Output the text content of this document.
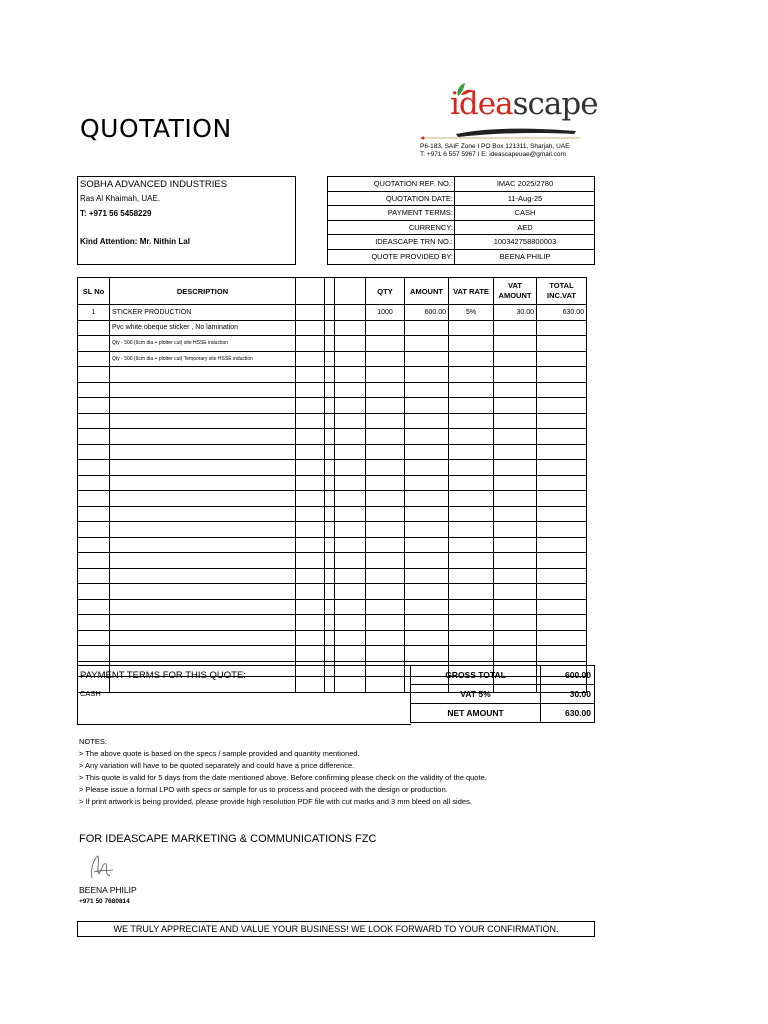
QUOTATION
ideascape
P6-183, SAIF Zone I PO Box 121311, Sharjah, UAE
T: +971 6 557 5967 I E: ideascapeuae@gmail.com
SOBHA ADVANCED INDUSTRIES
Ras Al Khaimah, UAE.
T: +971 56 5458229
Kind Attention: Mr. Nithin Lal
QUOTATION REF. NO.:	IMAC 2025/2780
QUOTATION DATE:	11-Aug-25
PAYMENT TERMS:	CASH
CURRENCY:	AED
IDEASCAPE TRN NO.:	100342758800003
QUOTE PROVIDED BY:	BEENA PHILIP
SL No	DESCRIPTION				QTY	AMOUNT	VAT RATE	VAT AMOUNT	TOTAL INC.VAT
1	STICKER PRODUCTION				1000	600.00	5%	30.00	630.00
	Pvc white obeque sticker , No lamination								
	Qty - 500 (6cm dia + plotter cut) site HSSE induction								
	Qty - 500 (6cm dia + plotter cut) Temporary site HSSE induction								

PAYMENT TERMS FOR THIS QUOTE:
CASH
GROSS TOTAL	600.00
VAT 5%	30.00
NET AMOUNT	630.00
NOTES:
> The above quote is based on the specs / sample provided and quantity mentioned.
> Any variation will have to be quoted separately and could have a price difference.
> This quote is valid for 5 days from the date mentioned above. Before confirming please check on the validity of the quote.
> Please issue a formal LPO with specs or sample for us to process and proceed with the design or production.
> If print artwork is being provided, please provide high resolution PDF file with cut marks and 3 mm bleed on all sides.
FOR IDEASCAPE MARKETING & COMMUNICATIONS FZC
BEENA PHILIP
+971 50 7680814
WE TRULY APPRECIATE AND VALUE YOUR BUSINESS! WE LOOK FORWARD TO YOUR CONFIRMATION.
